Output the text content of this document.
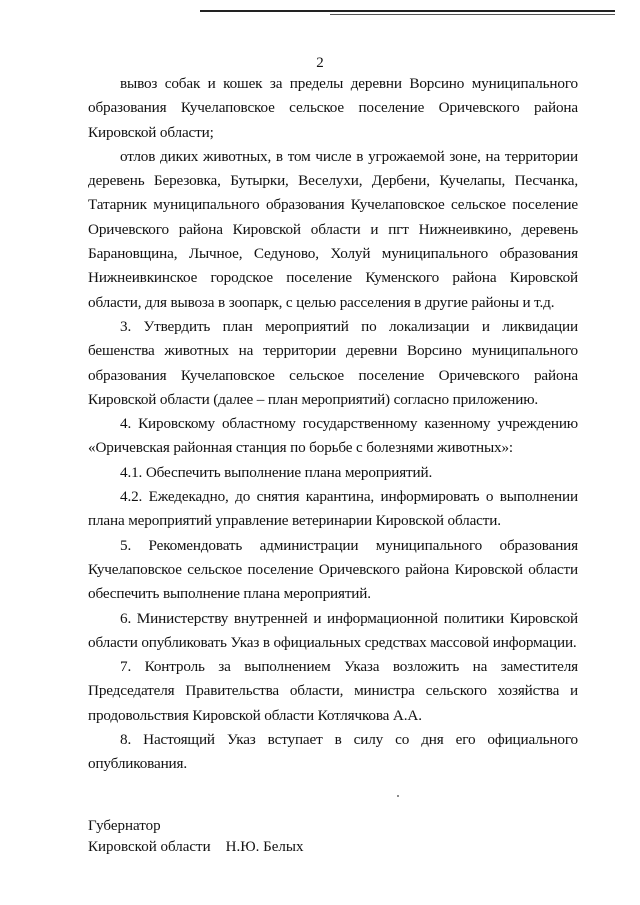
2

вывоз собак и кошек за пределы деревни Ворсино муниципального образования Кучелаповское сельское поселение Оричевского района Кировской области;

отлов диких животных, в том числе в угрожаемой зоне, на территории деревень Березовка, Бутырки, Веселухи, Дербени, Кучелапы, Песчанка, Татарник муниципального образования Кучелаповское сельское поселение Оричевского района Кировской области и пгт Нижнеивкино, деревень Барановщина, Лычное, Седуново, Холуй муниципального образования Нижнеивкинское городское поселение Куменского района Кировской области, для вывоза в зоопарк, с целью расселения в другие районы и т.д.

3. Утвердить план мероприятий по локализации и ликвидации бешенства животных на территории деревни Ворсино муниципального образования Кучелаповское сельское поселение Оричевского района Кировской области (далее – план мероприятий) согласно приложению.

4. Кировскому областному государственному казенному учреждению «Оричевская районная станция по борьбе с болезнями животных»:

4.1. Обеспечить выполнение плана мероприятий.

4.2. Ежедекадно, до снятия карантина, информировать о выполнении плана мероприятий управление ветеринарии Кировской области.

5. Рекомендовать администрации муниципального образования Кучелаповское сельское поселение Оричевского района Кировской области обеспечить выполнение плана мероприятий.

6. Министерству внутренней и информационной политики Кировской области опубликовать Указ в официальных средствах массовой информации.

7. Контроль за выполнением Указа возложить на заместителя Председателя Правительства области, министра сельского хозяйства и продовольствия Кировской области Котлячкова А.А.

8. Настоящий Указ вступает в силу со дня его официального опубликования.

Губернатор
Кировской области Н.Ю. Белых
